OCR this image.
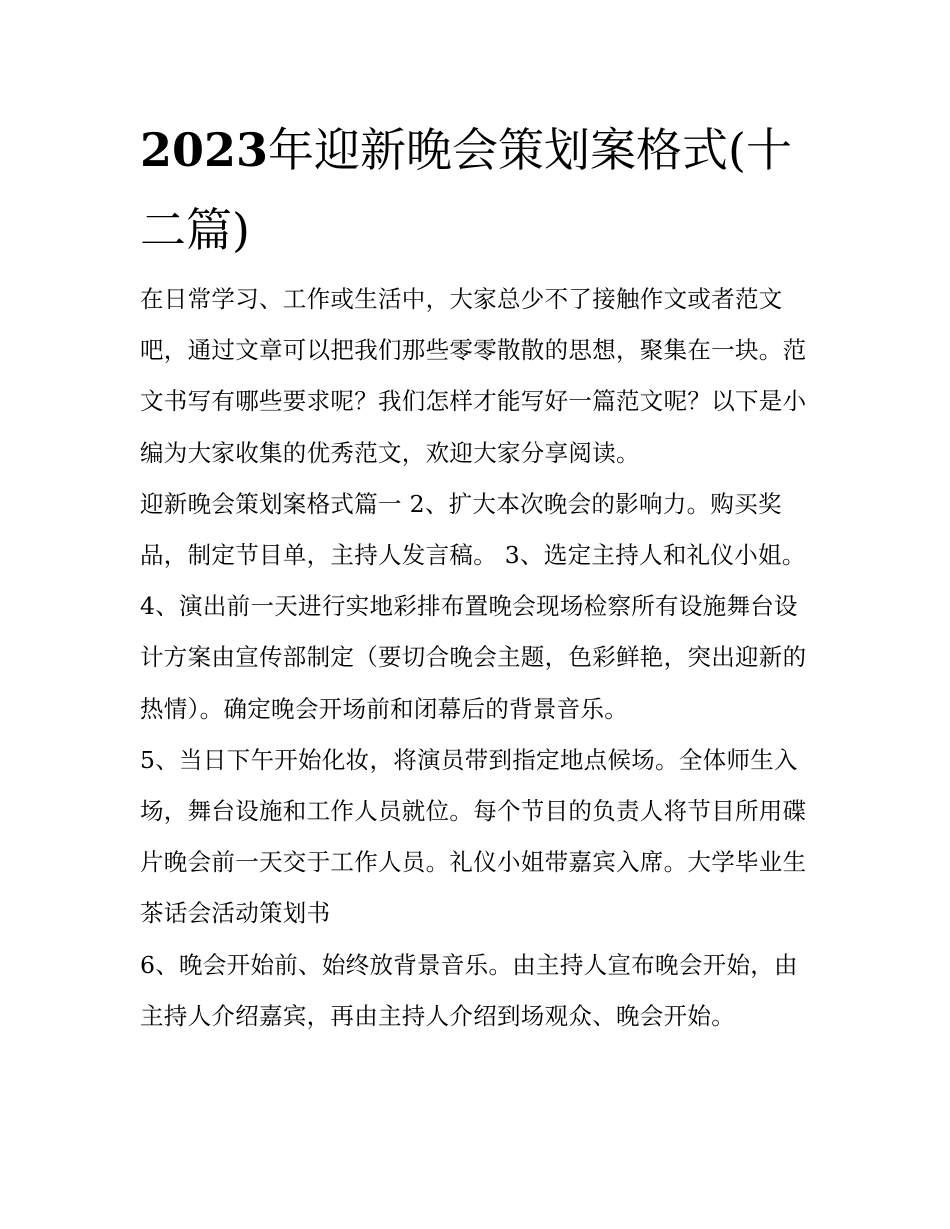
2023年迎新晚会策划案格式(十二篇)

在日常学习、工作或生活中，大家总少不了接触作文或者范文吧，通过文章可以把我们那些零零散散的思想，聚集在一块。范文书写有哪些要求呢？我们怎样才能写好一篇范文呢？以下是小编为大家收集的优秀范文，欢迎大家分享阅读。

迎新晚会策划案格式篇一 2、扩大本次晚会的影响力。购买奖品，制定节目单，主持人发言稿。 3、选定主持人和礼仪小姐。

4、演出前一天进行实地彩排布置晚会现场检察所有设施舞台设计方案由宣传部制定（要切合晚会主题，色彩鲜艳，突出迎新的热情）。确定晚会开场前和闭幕后的背景音乐。

5、当日下午开始化妆，将演员带到指定地点候场。全体师生入场，舞台设施和工作人员就位。每个节目的负责人将节目所用碟片晚会前一天交于工作人员。礼仪小姐带嘉宾入席。大学毕业生茶话会活动策划书

6、晚会开始前、始终放背景音乐。由主持人宣布晚会开始，由主持人介绍嘉宾，再由主持人介绍到场观众、晚会开始。
